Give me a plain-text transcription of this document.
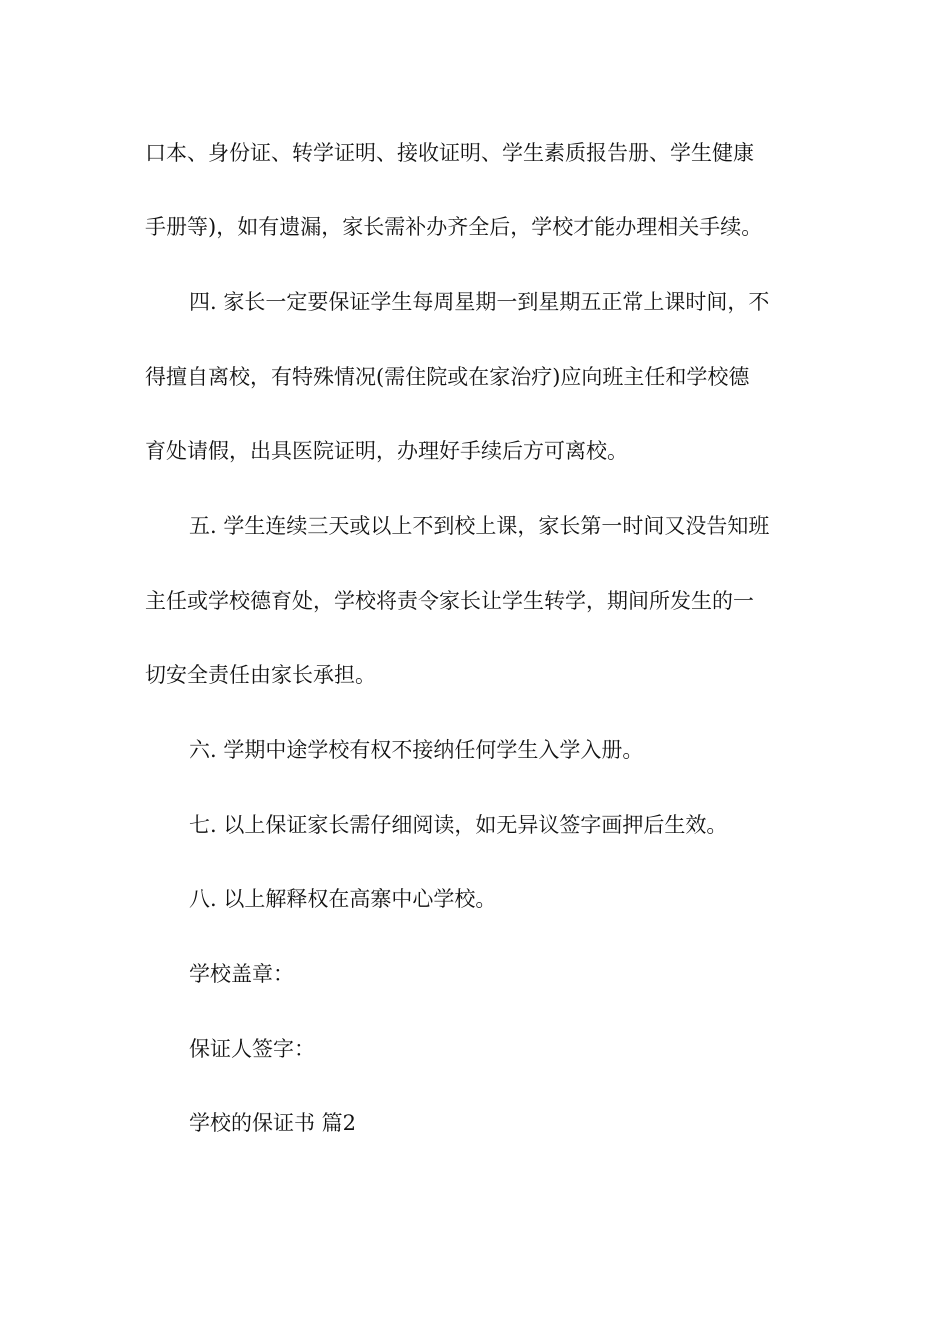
口本、身份证、转学证明、接收证明、学生素质报告册、学生健康
手册等)，如有遗漏，家长需补办齐全后，学校才能办理相关手续。
四. 家长一定要保证学生每周星期一到星期五正常上课时间，不
得擅自离校，有特殊情况(需住院或在家治疗)应向班主任和学校德
育处请假，出具医院证明，办理好手续后方可离校。
五. 学生连续三天或以上不到校上课，家长第一时间又没告知班
主任或学校德育处，学校将责令家长让学生转学，期间所发生的一
切安全责任由家长承担。
六. 学期中途学校有权不接纳任何学生入学入册。
七. 以上保证家长需仔细阅读，如无异议签字画押后生效。
八. 以上解释权在高寨中心学校。
学校盖章：
保证人签字：
学校的保证书 篇2
